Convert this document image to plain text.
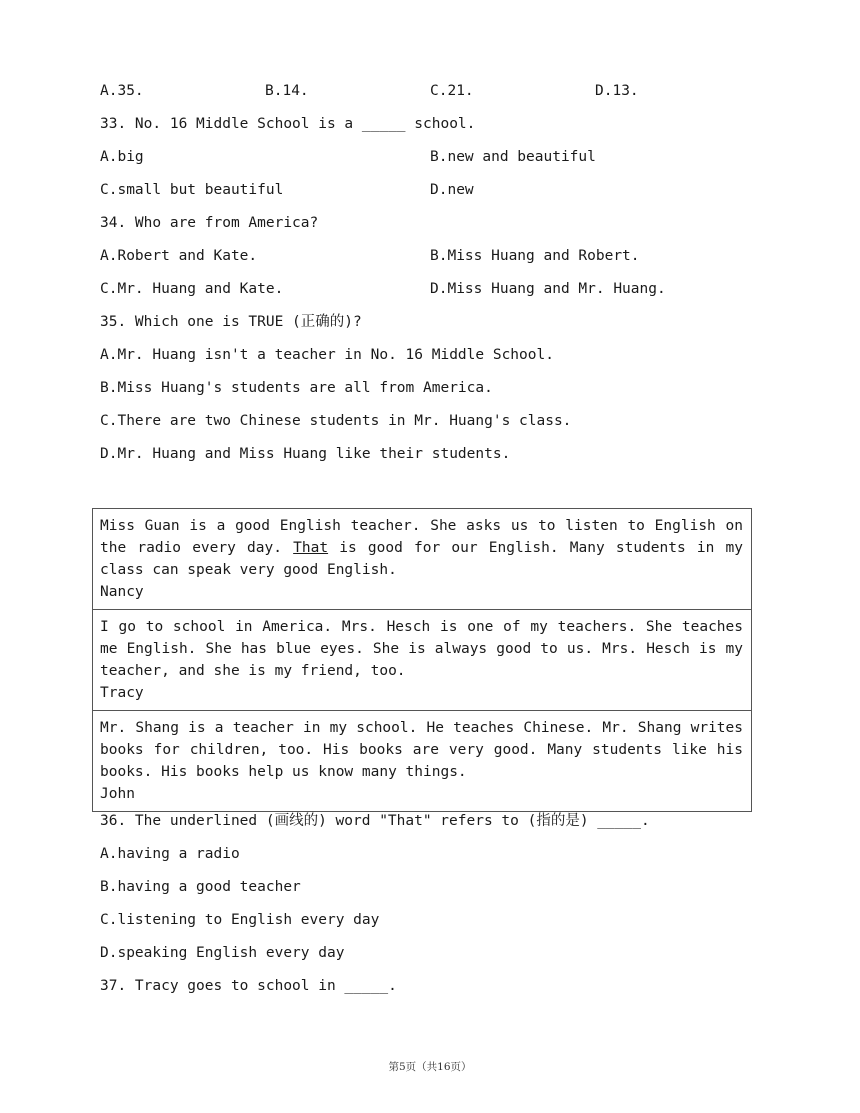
A.35.	B.14.	C.21.	D.13.
33. No. 16 Middle School is a _____ school.
A.big	B.new and beautiful
C.small but beautiful	D.new
34. Who are from America?
A.Robert and Kate.	B.Miss Huang and Robert.
C.Mr. Huang and Kate.	D.Miss Huang and Mr. Huang.
35. Which one is TRUE (正确的)?
A.Mr. Huang isn't a teacher in No. 16 Middle School.
B.Miss Huang's students are all from America.
C.There are two Chinese students in Mr. Huang's class.
D.Mr. Huang and Miss Huang like their students.

Miss Guan is a good English teacher. She asks us to listen to English on the radio every day. That is good for our English. Many students in my class can speak very good English.

Nancy

I go to school in America. Mrs. Hesch is one of my teachers. She teaches me English. She has blue eyes. She is always good to us. Mrs. Hesch is my teacher, and she is my friend, too.

Tracy

Mr. Shang is a teacher in my school. He teaches Chinese. Mr. Shang writes books for children, too. His books are very good. Many students like his books. His books help us know many things.

John

36. The underlined (画线的) word "That" refers to (指的是) _____.
A.having a radio
B.having a good teacher
C.listening to English every day
D.speaking English every day
37. Tracy goes to school in _____.
第5页（共16页）
